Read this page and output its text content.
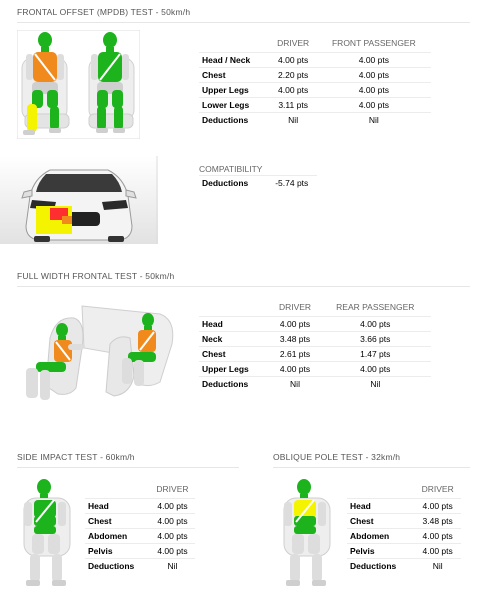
FRONTAL OFFSET (MPDB) TEST - 50km/h
	DRIVER	FRONT PASSENGER
Head / Neck	4.00 pts	4.00 pts
Chest	2.20 pts	4.00 pts
Upper Legs	4.00 pts	4.00 pts
Lower Legs	3.11 pts	4.00 pts
Deductions	Nil	Nil
COMPATIBILITY
Deductions	-5.74 pts
FULL WIDTH FRONTAL TEST - 50km/h
	DRIVER	REAR PASSENGER
Head	4.00 pts	4.00 pts
Neck	3.48 pts	3.66 pts
Chest	2.61 pts	1.47 pts
Upper Legs	4.00 pts	4.00 pts
Deductions	Nil	Nil
SIDE IMPACT TEST - 60km/h
	DRIVER
Head	4.00 pts
Chest	4.00 pts
Abdomen	4.00 pts
Pelvis	4.00 pts
Deductions	Nil
OBLIQUE POLE TEST - 32km/h
	DRIVER
Head	4.00 pts
Chest	3.48 pts
Abdomen	4.00 pts
Pelvis	4.00 pts
Deductions	Nil
